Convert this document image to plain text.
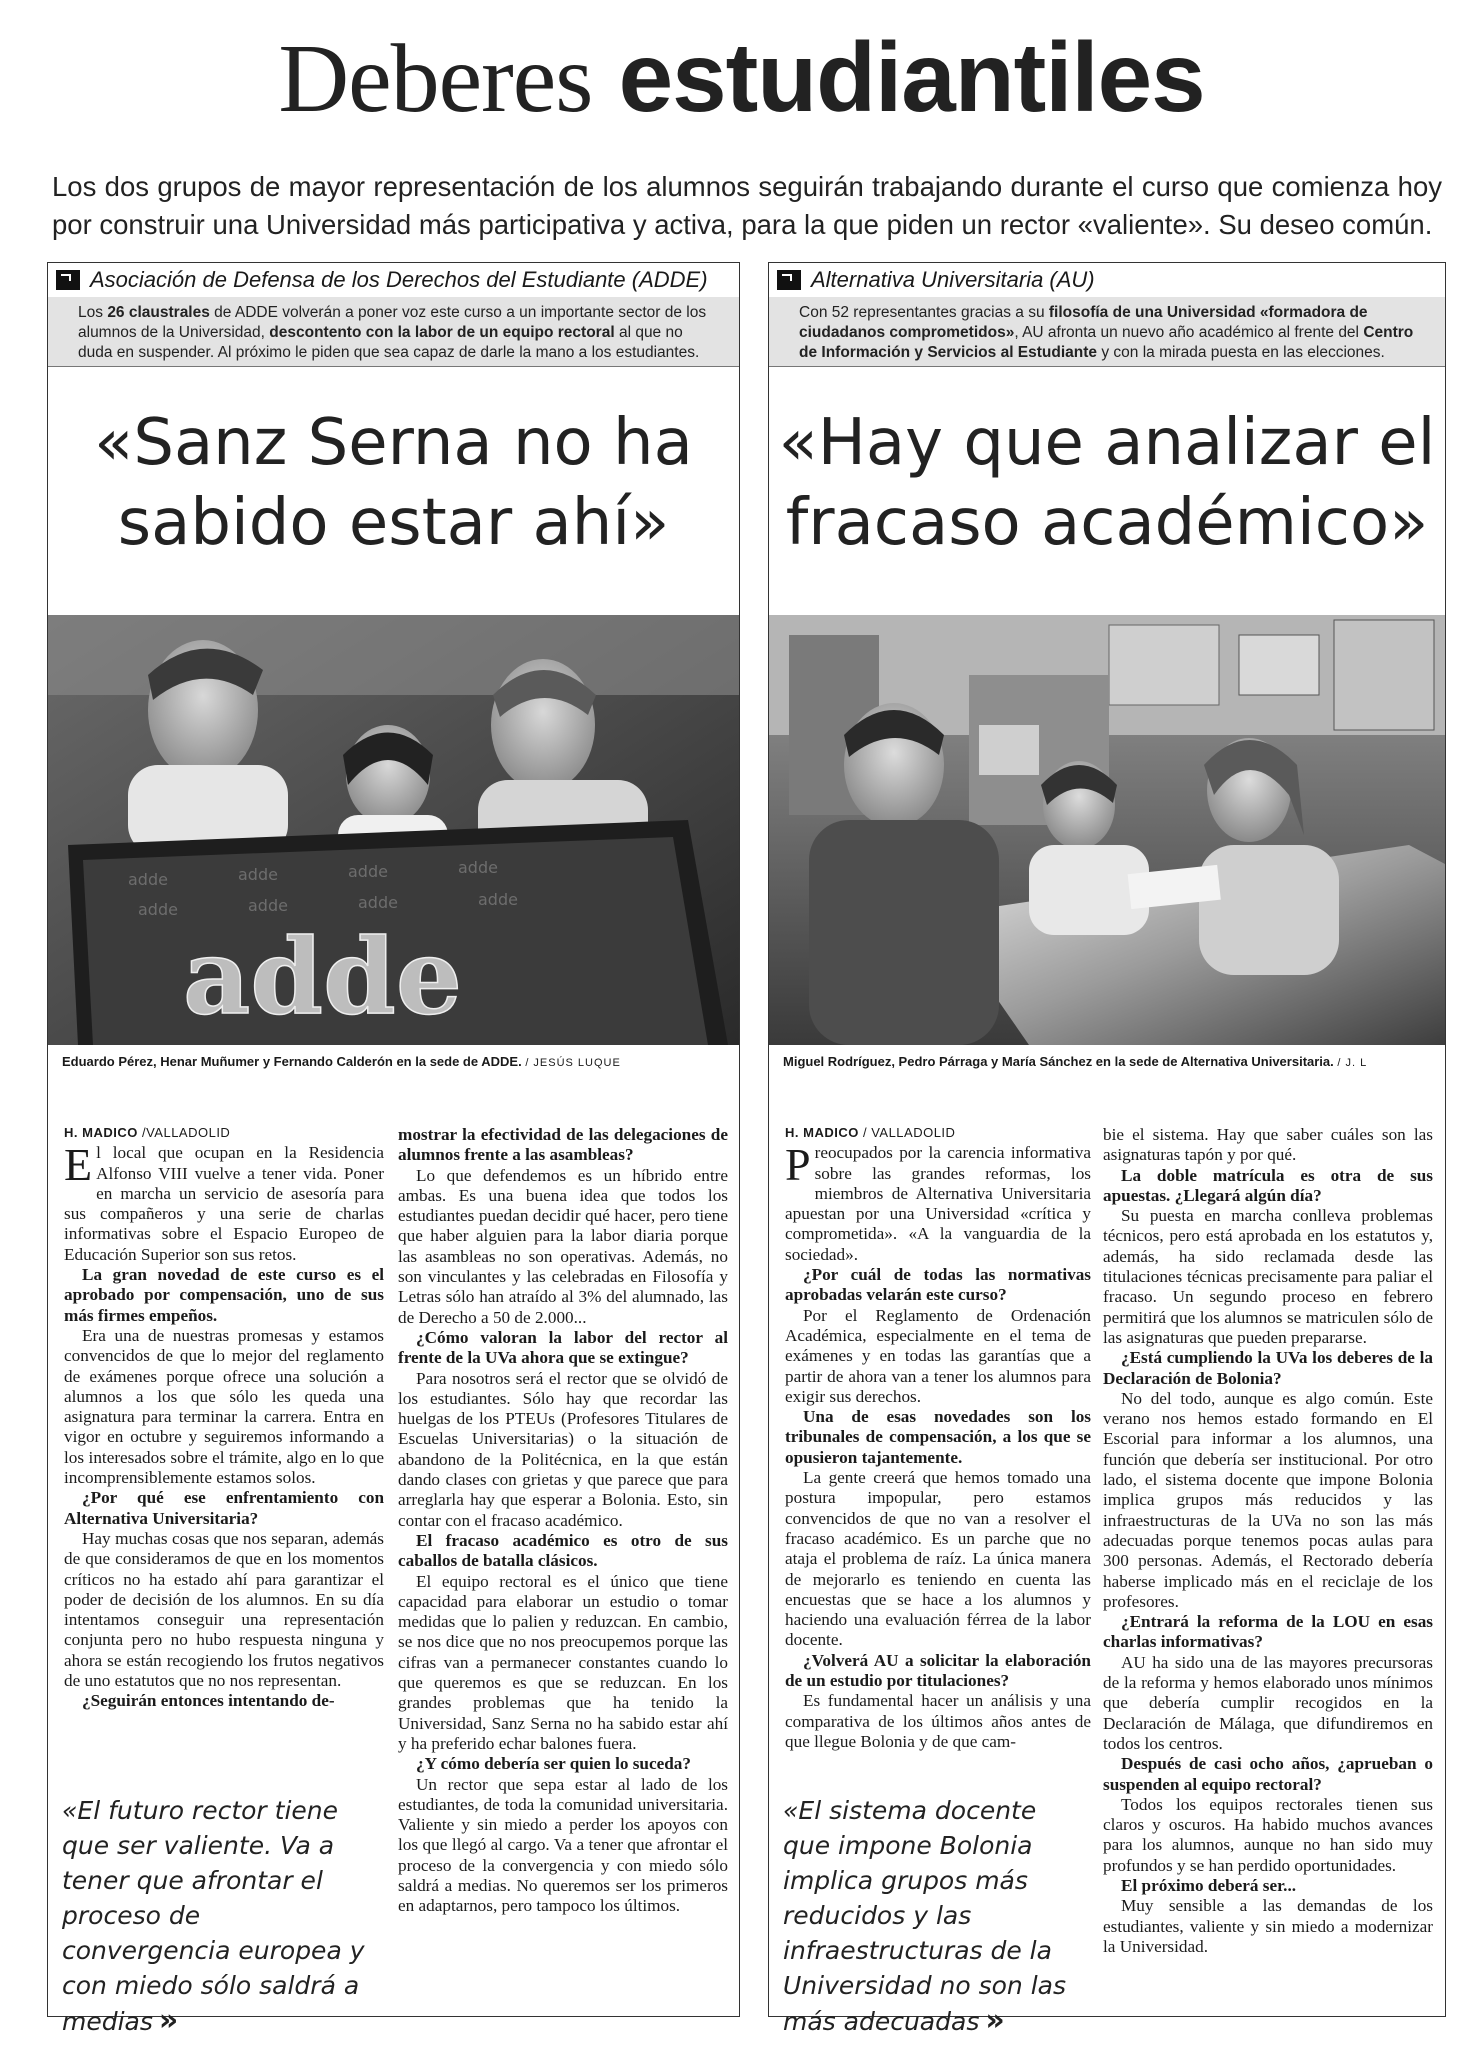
Deberes estudiantiles
Los dos grupos de mayor representación de los alumnos seguirán trabajando durante el curso que comienza hoy por construir una Universidad más participativa y activa, para la que piden un rector «valiente». Su deseo común.
Asociación de Defensa de los Derechos del Estudiante (ADDE)
Los 26 claustrales de ADDE volverán a poner voz este curso a un importante sector de los alumnos de la Universidad, descontento con la labor de un equipo rectoral al que no duda en suspender. Al próximo le piden que sea capaz de darle la mano a los estudiantes.
«Sanz Serna no ha
sabido estar ahí»
adde	adde	adde	adde
adde	adde	adde	adde
adde
Eduardo Pérez, Henar Muñumer y Fernando Calderón en la sede de ADDE. / JESÚS LUQUE

H. MADICO /VALLADOLID

El local que ocupan en la Residencia Alfonso VIII vuelve a tener vida. Poner en marcha un servicio de asesoría para sus compañeros y una serie de charlas informativas sobre el Espacio Europeo de Educación Superior son sus retos.

La gran novedad de este curso es el aprobado por compensación, uno de sus más firmes empeños.

Era una de nuestras promesas y estamos convencidos de que lo mejor del reglamento de exámenes porque ofrece una solución a alumnos a los que sólo les queda una asignatura para terminar la carrera. Entra en vigor en octubre y seguiremos informando a los interesados sobre el trámite, algo en lo que incomprensiblemente estamos solos.

¿Por qué ese enfrentamiento con Alternativa Universitaria?

Hay muchas cosas que nos separan, además de que consideramos de que en los momentos críticos no ha estado ahí para garantizar el poder de decisión de los alumnos. En su día intentamos conseguir una representación conjunta pero no hubo respuesta ninguna y ahora se están recogiendo los frutos negativos de uno estatutos que no nos representan.

¿Seguirán entonces intentando de-

«El futuro rector tiene que ser valiente. Va a tener que afrontar el proceso de convergencia europea y con miedo sólo saldrá a medias »

mostrar la efectividad de las delegaciones de alumnos frente a las asambleas?

Lo que defendemos es un híbrido entre ambas. Es una buena idea que todos los estudiantes puedan decidir qué hacer, pero tiene que haber alguien para la labor diaria porque las asambleas no son operativas. Además, no son vinculantes y las celebradas en Filosofía y Letras sólo han atraído al 3% del alumnado, las de Derecho a 50 de 2.000...

¿Cómo valoran la labor del rector al frente de la UVa ahora que se extingue?

Para nosotros será el rector que se olvidó de los estudiantes. Sólo hay que recordar las huelgas de los PTEUs (Profesores Titulares de Escuelas Universitarias) o la situación de abandono de la Politécnica, en la que están dando clases con grietas y que parece que para arreglarla hay que esperar a Bolonia. Esto, sin contar con el fracaso académico.

El fracaso académico es otro de sus caballos de batalla clásicos.

El equipo rectoral es el único que tiene capacidad para elaborar un estudio o tomar medidas que lo palien y reduzcan. En cambio, se nos dice que no nos preocupemos porque las cifras van a permanecer constantes cuando lo que queremos es que se reduzcan. En los grandes problemas que ha tenido la Universidad, Sanz Serna no ha sabido estar ahí y ha preferido echar balones fuera.

¿Y cómo debería ser quien lo suceda?

Un rector que sepa estar al lado de los estudiantes, de toda la comunidad universitaria. Valiente y sin miedo a perder los apoyos con los que llegó al cargo. Va a tener que afrontar el proceso de la convergencia y con miedo sólo saldrá a medias. No queremos ser los primeros en adaptarnos, pero tampoco los últimos.

Alternativa Universitaria (AU)
Con 52 representantes gracias a su filosofía de una Universidad «formadora de ciudadanos comprometidos», AU afronta un nuevo año académico al frente del Centro de Información y Servicios al Estudiante y con la mirada puesta en las elecciones.
«Hay que analizar el
fracaso académico»
Miguel Rodríguez, Pedro Párraga y María Sánchez en la sede de Alternativa Universitaria. / J. L

H. MADICO / VALLADOLID

Preocupados por la carencia informativa sobre las grandes reformas, los miembros de Alternativa Universitaria apuestan por una Universidad «crítica y comprometida». «A la vanguardia de la sociedad».

¿Por cuál de todas las normativas aprobadas velarán este curso?

Por el Reglamento de Ordenación Académica, especialmente en el tema de exámenes y en todas las garantías que a partir de ahora van a tener los alumnos para exigir sus derechos.

Una de esas novedades son los tribunales de compensación, a los que se opusieron tajantemente.

La gente creerá que hemos tomado una postura impopular, pero estamos convencidos de que no van a resolver el fracaso académico. Es un parche que no ataja el problema de raíz. La única manera de mejorarlo es teniendo en cuenta las encuestas que se hace a los alumnos y haciendo una evaluación férrea de la labor docente.

¿Volverá AU a solicitar la elaboración de un estudio por titulaciones?

Es fundamental hacer un análisis y una comparativa de los últimos años antes de que llegue Bolonia y de que cam-

«El sistema docente que impone Bolonia implica grupos más reducidos y las infraestructuras de la Universidad no son las más adecuadas »

bie el sistema. Hay que saber cuáles son las asignaturas tapón y por qué.

La doble matrícula es otra de sus apuestas. ¿Llegará algún día?

Su puesta en marcha conlleva problemas técnicos, pero está aprobada en los estatutos y, además, ha sido reclamada desde las titulaciones técnicas precisamente para paliar el fracaso. Un segundo proceso en febrero permitirá que los alumnos se matriculen sólo de las asignaturas que pueden prepararse.

¿Está cumpliendo la UVa los deberes de la Declaración de Bolonia?

No del todo, aunque es algo común. Este verano nos hemos estado formando en El Escorial para informar a los alumnos, una función que debería ser institucional. Por otro lado, el sistema docente que impone Bolonia implica grupos más reducidos y las infraestructuras de la UVa no son las más adecuadas porque tenemos pocas aulas para 300 personas. Además, el Rectorado debería haberse implicado más en el reciclaje de los profesores.

¿Entrará la reforma de la LOU en esas charlas informativas?

AU ha sido una de las mayores precursoras de la reforma y hemos elaborado unos mínimos que debería cumplir recogidos en la Declaración de Málaga, que difundiremos en todos los centros.

Después de casi ocho años, ¿aprueban o suspenden al equipo rectoral?

Todos los equipos rectorales tienen sus claros y oscuros. Ha habido muchos avances para los alumnos, aunque no han sido muy profundos y se han perdido oportunidades.

El próximo deberá ser...

Muy sensible a las demandas de los estudiantes, valiente y sin miedo a modernizar la Universidad.
